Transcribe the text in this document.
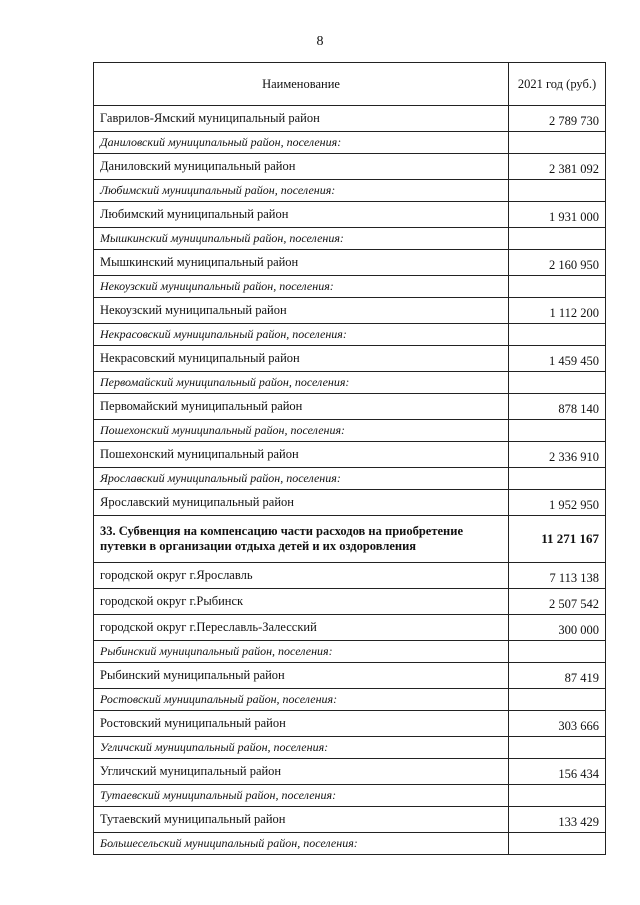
8
Наименование	2021 год (руб.)
Гаврилов-Ямский муниципальный район	2 789 730
Даниловский муниципальный район, поселения:	
Даниловский муниципальный район	2 381 092
Любимский муниципальный район, поселения:	
Любимский муниципальный район	1 931 000
Мышкинский муниципальный район, поселения:	
Мышкинский муниципальный район	2 160 950
Некоузский муниципальный район, поселения:	
Некоузский муниципальный район	1 112 200
Некрасовский муниципальный район, поселения:	
Некрасовский муниципальный район	1 459 450
Первомайский муниципальный район, поселения:	
Первомайский муниципальный район	878 140
Пошехонский муниципальный район, поселения:	
Пошехонский муниципальный район	2 336 910
Ярославский муниципальный район, поселения:	
Ярославский муниципальный район	1 952 950
33. Субвенция на компенсацию части расходов на приобретение путевки в организации отдыха детей и их оздоровления	11 271 167
городской округ г.Ярославль	7 113 138
городской округ г.Рыбинск	2 507 542
городской округ г.Переславль-Залесский	300 000
Рыбинский муниципальный район, поселения:	
Рыбинский муниципальный район	87 419
Ростовский муниципальный район, поселения:	
Ростовский муниципальный район	303 666
Угличский муниципальный район, поселения:	
Угличский муниципальный район	156 434
Тутаевский муниципальный район, поселения:	
Тутаевский муниципальный район	133 429
Большесельский муниципальный район, поселения:	
